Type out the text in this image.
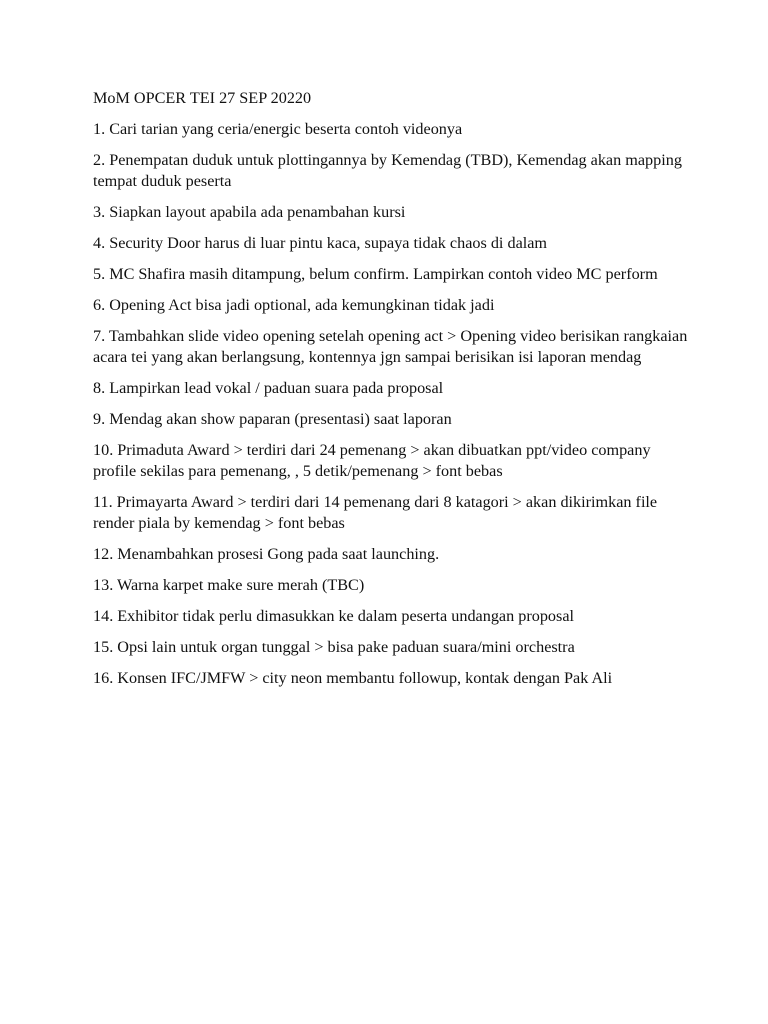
MoM OPCER TEI 27 SEP 20220

1. Cari tarian yang ceria/energic beserta contoh videonya

2. Penempatan duduk untuk plottingannya by Kemendag (TBD), Kemendag akan mapping tempat duduk peserta

3. Siapkan layout apabila ada penambahan kursi

4. Security Door harus di luar pintu kaca, supaya tidak chaos di dalam

5. MC Shafira masih ditampung, belum confirm. Lampirkan contoh video MC perform

6. Opening Act bisa jadi optional, ada kemungkinan tidak jadi

7. Tambahkan slide video opening setelah opening act > Opening video berisikan rangkaian acara tei yang akan berlangsung, kontennya jgn sampai berisikan isi laporan mendag

8. Lampirkan lead vokal / paduan suara pada proposal

9. Mendag akan show paparan (presentasi) saat laporan

10. Primaduta Award > terdiri dari 24 pemenang > akan dibuatkan ppt/video company profile sekilas para pemenang, , 5 detik/pemenang > font bebas

11. Primayarta Award > terdiri dari 14 pemenang dari 8 katagori > akan dikirimkan file render piala by kemendag > font bebas

12. Menambahkan prosesi Gong pada saat launching.

13. Warna karpet make sure merah (TBC)

14. Exhibitor tidak perlu dimasukkan ke dalam peserta undangan proposal

15. Opsi lain untuk organ tunggal > bisa pake paduan suara/mini orchestra

16. Konsen IFC/JMFW > city neon membantu followup, kontak dengan Pak Ali
